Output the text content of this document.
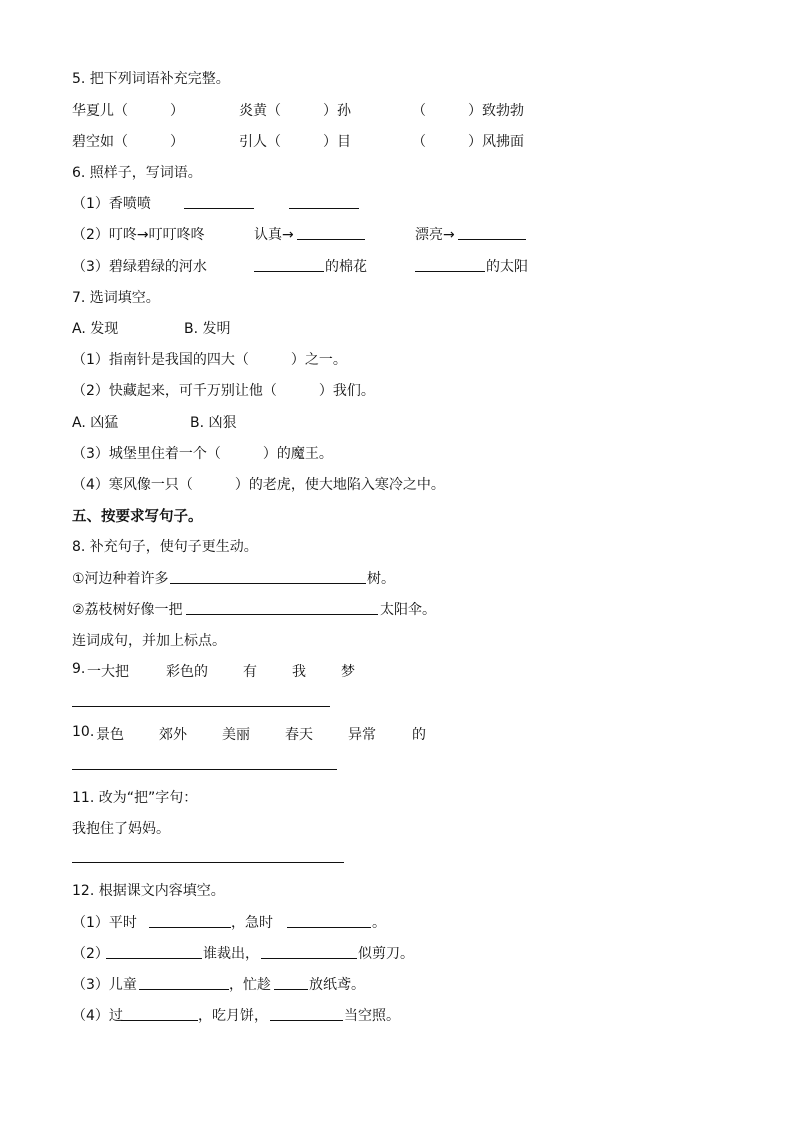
5. 把下列词语补充完整。
华夏儿（　　　）	炎黄（　　　）孙	（　　　）致勃勃
碧空如（　　　）	引人（　　　）目	（　　　）风拂面
6. 照样子，写词语。
（1）香喷喷
（2）叮咚→叮叮咚咚	认真→	漂亮→
（3）碧绿碧绿的河水	的棉花	的太阳
7. 选词填空。
A. 发现	B. 发明
（1）指南针是我国的四大（　　　）之一。
（2）快藏起来，可千万别让他（　　　）我们。
A. 凶猛	B. 凶狠
（3）城堡里住着一个（　　　）的魔王。
（4）寒风像一只（　　　）的老虎，使大地陷入寒冷之中。
五、按要求写句子。
8. 补充句子，使句子更生动。
①河边种着许多	树。
②荔枝树好像一把	太阳伞。
连词成句，并加上标点。
9. 一大把	彩色的	有	我	梦
10. 景色	郊外	美丽	春天	异常	的
11. 改为“把”字句：
我抱住了妈妈。
12. 根据课文内容填空。
（1）平时	，急时	。
（2）	谁裁出，	似剪刀。
（3）儿童	，忙趁	放纸鸢。
（4）过	，吃月饼，	当空照。
